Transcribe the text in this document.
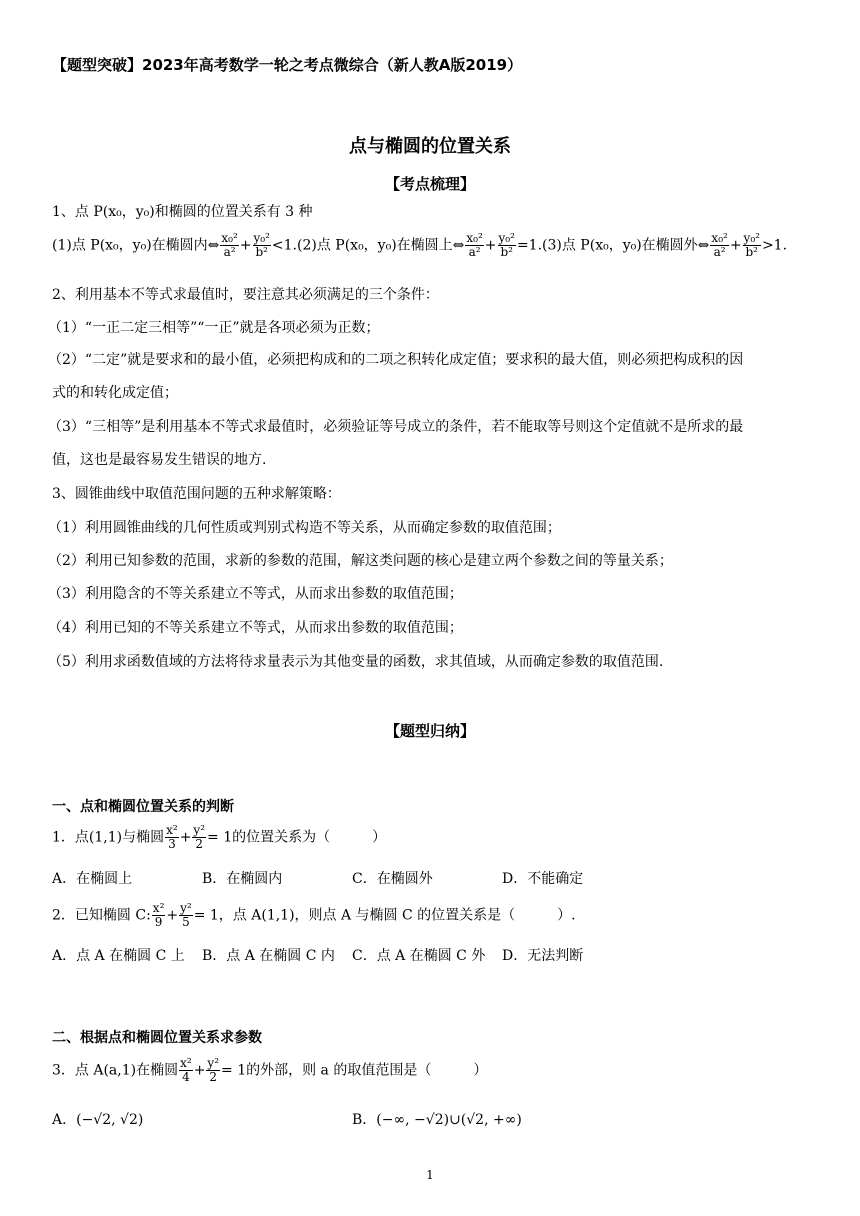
【题型突破】2023年高考数学一轮之考点微综合（新人教A版2019）
点与椭圆的位置关系
【考点梳理】
1、点 P(x₀，y₀)和椭圆的位置关系有 3 种
(1)点 P(x₀，y₀)在椭圆内⇔ $\frac{\text{x₀²}}{\text{a²}} + \frac{\text{y₀²}}{\text{b²}} <1.(2)$点 P(x₀，y₀)在椭圆上⇔ $\frac{\text{x₀²}}{\text{a²}} + \frac{\text{y₀²}}{\text{b²}} =1.(3)$点 P(x₀，y₀)在椭圆外⇔ $\frac{\text{x₀²}}{\text{a²}} + \frac{\text{y₀²}}{\text{b²}} >1$.
2、利用基本不等式求最值时，要注意其必须满足的三个条件：
（1）“一正二定三相等”“一正”就是各项必须为正数；
（2）“二定”就是要求和的最小值，必须把构成和的二项之积转化成定值；要求积的最大值，则必须把构成积的因
式的和转化成定值；
（3）“三相等”是利用基本不等式求最值时，必须验证等号成立的条件，若不能取等号则这个定值就不是所求的最
值，这也是最容易发生错误的地方.
3、圆锥曲线中取值范围问题的五种求解策略：
（1）利用圆锥曲线的几何性质或判别式构造不等关系，从而确定参数的取值范围；
（2）利用已知参数的范围，求新的参数的范围，解这类问题的核心是建立两个参数之间的等量关系；
（3）利用隐含的不等关系建立不等式，从而求出参数的取值范围；
（4）利用已知的不等关系建立不等式，从而求出参数的取值范围；
（5）利用求函数值域的方法将待求量表示为其他变量的函数，求其值域，从而确定参数的取值范围.
【题型归纳】
一、点和椭圆位置关系的判断
1．点(1,1)与椭圆 $\frac{\text{x²}}{3} + \frac{\text{y²}}{2} = 1$的位置关系为（　　　）
A．在椭圆上	B．在椭圆内	C．在椭圆外	D．不能确定
2．已知椭圆 C: $\frac{\text{x²}}{9} + \frac{\text{y²}}{5} = 1$，点 A(1,1)，则点 A 与椭圆 C 的位置关系是（　　　）.
A．点 A 在椭圆 C 上 B．点 A 在椭圆 C 内 C．点 A 在椭圆 C 外 D．无法判断
二、根据点和椭圆位置关系求参数
3．点 A(a,1)在椭圆 $\frac{\text{x²}}{4} + \frac{\text{y²}}{2} = 1$的外部，则 a 的取值范围是（　　　）
A．(−√2, √2)	B．(−∞, −√2)∪(√2, +∞)
1
